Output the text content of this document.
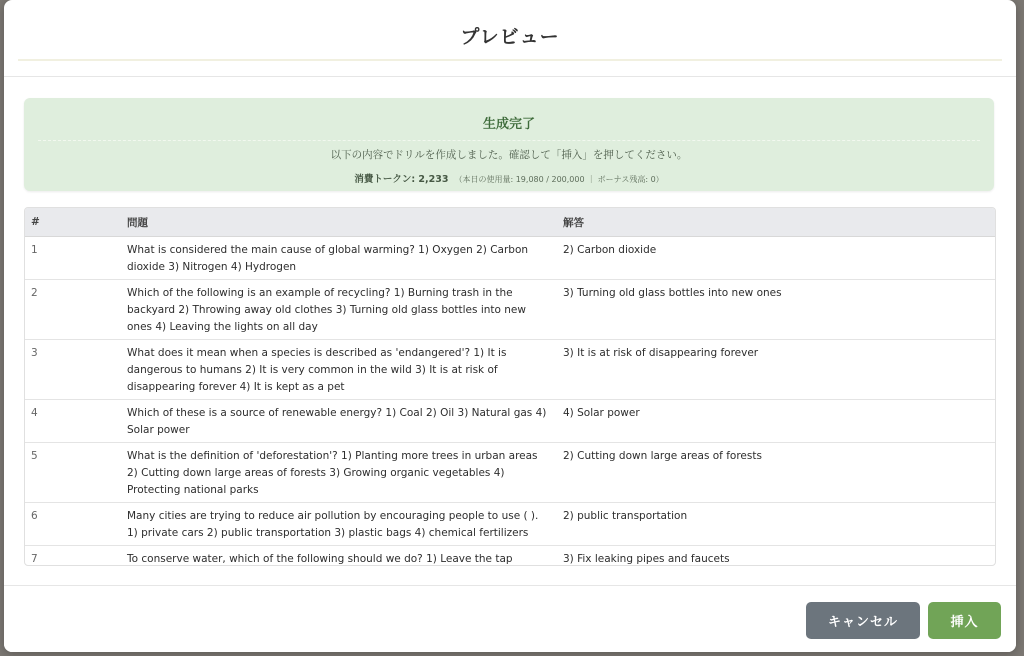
プレビュー
生成完了
以下の内容でドリルを作成しました。確認して「挿入」を押してください。
消費トークン: 2,233 （本日の使用量: 19,080 / 200,000 ｜ ボーナス残高: 0）
#	問題	解答
1	What is considered the main cause of global warming? 1) Oxygen 2) Carbon dioxide 3) Nitrogen 4) Hydrogen	2) Carbon dioxide
2	Which of the following is an example of recycling? 1) Burning trash in the backyard 2) Throwing away old clothes 3) Turning old glass bottles into new ones 4) Leaving the lights on all day	3) Turning old glass bottles into new ones
3	What does it mean when a species is described as 'endangered'? 1) It is dangerous to humans 2) It is very common in the wild 3) It is at risk of disappearing forever 4) It is kept as a pet	3) It is at risk of disappearing forever
4	Which of these is a source of renewable energy? 1) Coal 2) Oil 3) Natural gas 4) Solar power	4) Solar power
5	What is the definition of 'deforestation'? 1) Planting more trees in urban areas 2) Cutting down large areas of forests 3) Growing organic vegetables 4) Protecting national parks	2) Cutting down large areas of forests
6	Many cities are trying to reduce air pollution by encouraging people to use ( ). 1) private cars 2) public transportation 3) plastic bags 4) chemical fertilizers	2) public transportation
7	To conserve water, which of the following should we do? 1) Leave the tap	3) Fix leaking pipes and faucets
キャンセル	挿入
